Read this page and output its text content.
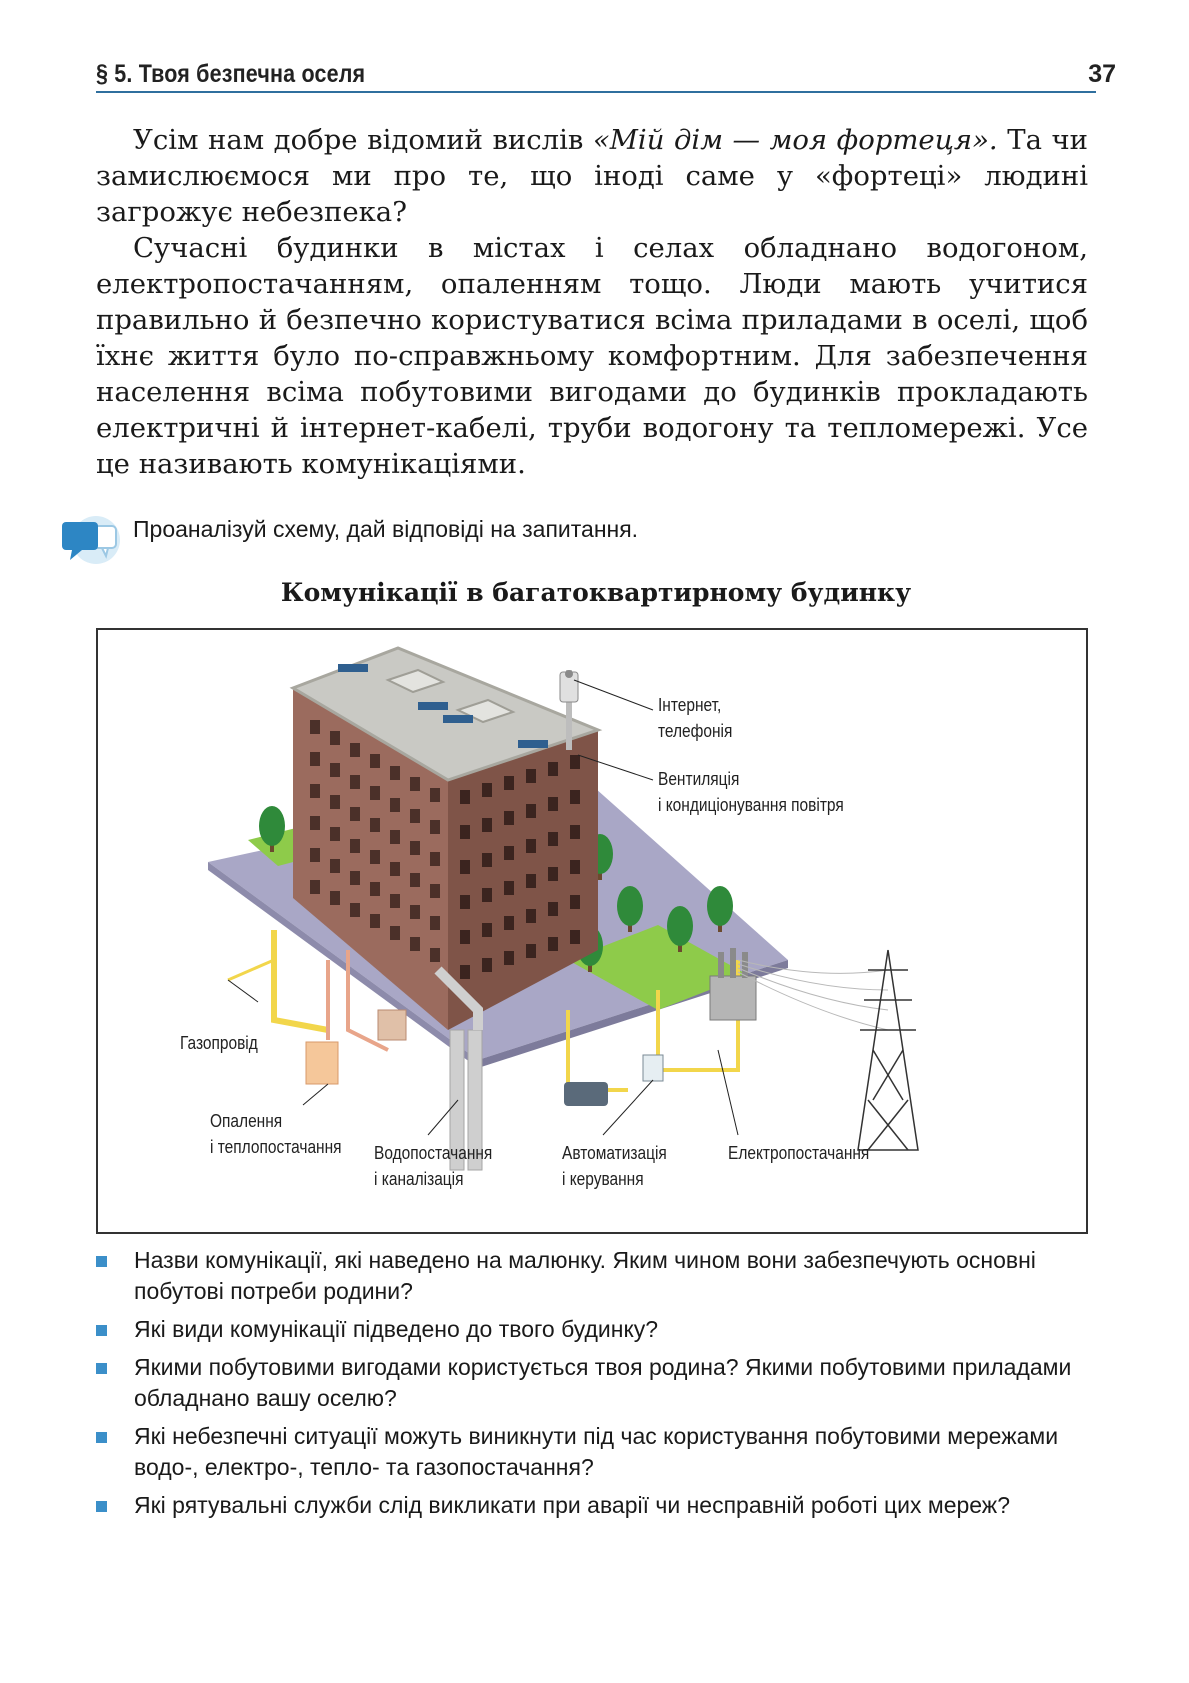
§ 5. Твоя безпечна оселя	37

Усім нам добре відомий вислів «Мій дім — моя фортеця». Та чи замислюємося ми про те, що іноді саме у «фортеці» людині загрожує небезпека?

Сучасні будинки в містах і селах обладнано водогоном, електропостачанням, опаленням тощо. Люди мають учитися правильно й безпечно користуватися всіма приладами в оселі, щоб їхнє життя було по-справжньому комфортним. Для забезпечення населення всіма побутовими вигодами до будинків прокладають електричні й інтернет-кабелі, труби водогону та тепломережі. Усе це називають комунікаціями.

Проаналізуй схему, дай відповіді на запитання.
Комунікації в багатоквартирному будинку
Інтернет,
телефонія
Вентиляція
і кондиціонування повітря
Газопровід
Опалення
і теплопостачання Водопостачання
і каналізація
Автоматизація
і керування
Електропостачання
Назви комунікації, які наведено на малюнку. Яким чином вони забезпечують основні побутові потреби родини?
Які види комунікації підведено до твого будинку?
Якими побутовими вигодами користується твоя родина? Якими побутовими приладами обладнано вашу оселю?
Які небезпечні ситуації можуть виникнути під час користування побутовими мережами водо-, електро-, тепло- та газопостачання?
Які рятувальні служби слід викликати при аварії чи несправній роботі цих мереж?
